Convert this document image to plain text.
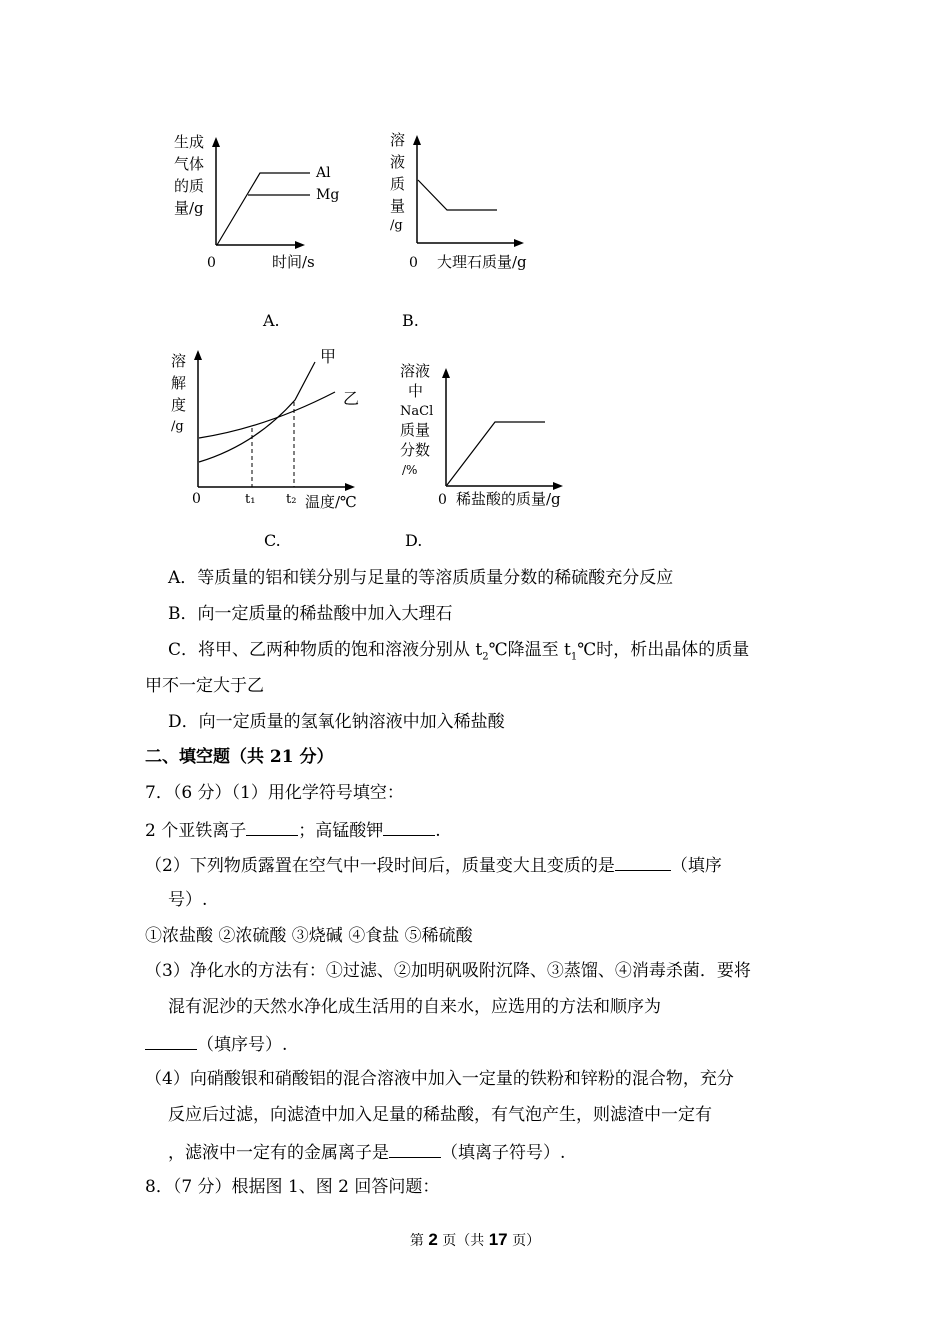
生成
气体
的质
量/g
Al
Mg
0	时间/s
A.
溶
液
质
量
/g
0 大理石质量/g
B.
溶
解
度
/g
甲
乙
0	t₁ t₂ 温度/℃
C.
溶液
中
NaCl
质量
分数
/%
0 稀盐酸的质量/g
D.
A．等质量的铝和镁分别与足量的等溶质质量分数的稀硫酸充分反应
B．向一定质量的稀盐酸中加入大理石
C．将甲、乙两种物质的饱和溶液分别从 $t_2℃$降温至 $t_1℃$时，析出晶体的质量
甲不一定大于乙
D．向一定质量的氢氧化钠溶液中加入稀盐酸
二、填空题（共 21 分）
7．（6 分）（1）用化学符号填空：
2 个亚铁离子	；高锰酸钾	.
（2）下列物质露置在空气中一段时间后，质量变大且变质的是	（填序
号）.
①浓盐酸 ②浓硫酸 ③烧碱 ④食盐 ⑤稀硫酸
（3）净化水的方法有：①过滤、②加明矾吸附沉降、③蒸馏、④消毒杀菌．要将
混有泥沙的天然水净化成生活用的自来水，应选用的方法和顺序为
（填序号）.
（4）向硝酸银和硝酸铝的混合溶液中加入一定量的铁粉和锌粉的混合物，充分
反应后过滤，向滤渣中加入足量的稀盐酸，有气泡产生，则滤渣中一定有
，滤液中一定有的金属离子是	（填离子符号）.
8．（7 分）根据图 1、图 2 回答问题：
第 2 页（共 17 页）
